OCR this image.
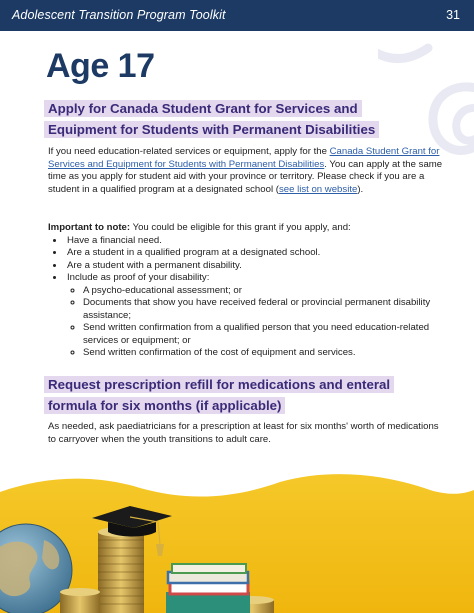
Adolescent Transition Program Toolkit	31
Age 17
Apply for Canada Student Grant for Services and
Equipment for Students with Permanent Disabilities
If you need education-related services or equipment, apply for the Canada Student Grant for Services and Equipment for Students with Permanent Disabilities. You can apply at the same time as you apply for student aid with your province or territory. Please check if you are a student in a qualified program at a designated school (see list on website).
Important to note: You could be eligible for this grant if you apply, and:
• Have a financial need.
• Are a student in a qualified program at a designated school.
• Are a student with a permanent disability.
• Include as proof of your disability:
◦ A psycho-educational assessment; or
◦ Documents that show you have received federal or provincial permanent disability assistance;
◦ Send written confirmation from a qualified person that you need education-related services or equipment; or
◦ Send written confirmation of the cost of equipment and services.
Request prescription refill for medications and enteral
formula for six months (if applicable)
As needed, ask paediatricians for a prescription at least for six months' worth of medications to carryover when the youth transitions to adult care.
